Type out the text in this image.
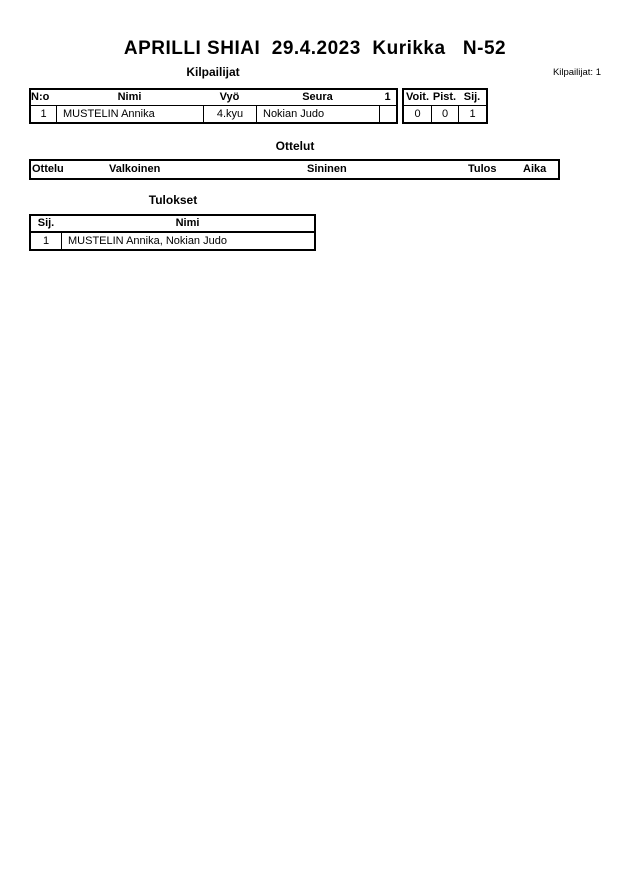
APRILLI SHIAI  29.4.2023  Kurikka   N-52
Kilpailijat	Kilpailijat: 1
N:o	Nimi	Vyö	Seura	1
1	MUSTELIN Annika	4.kyu	Nokian Judo
Voit. Pist. Sij.
0	0	1
Ottelut
Ottelu	Valkoinen	Sininen	Tulos Aika
Tulokset
Sij.	Nimi
1	MUSTELIN Annika, Nokian Judo
